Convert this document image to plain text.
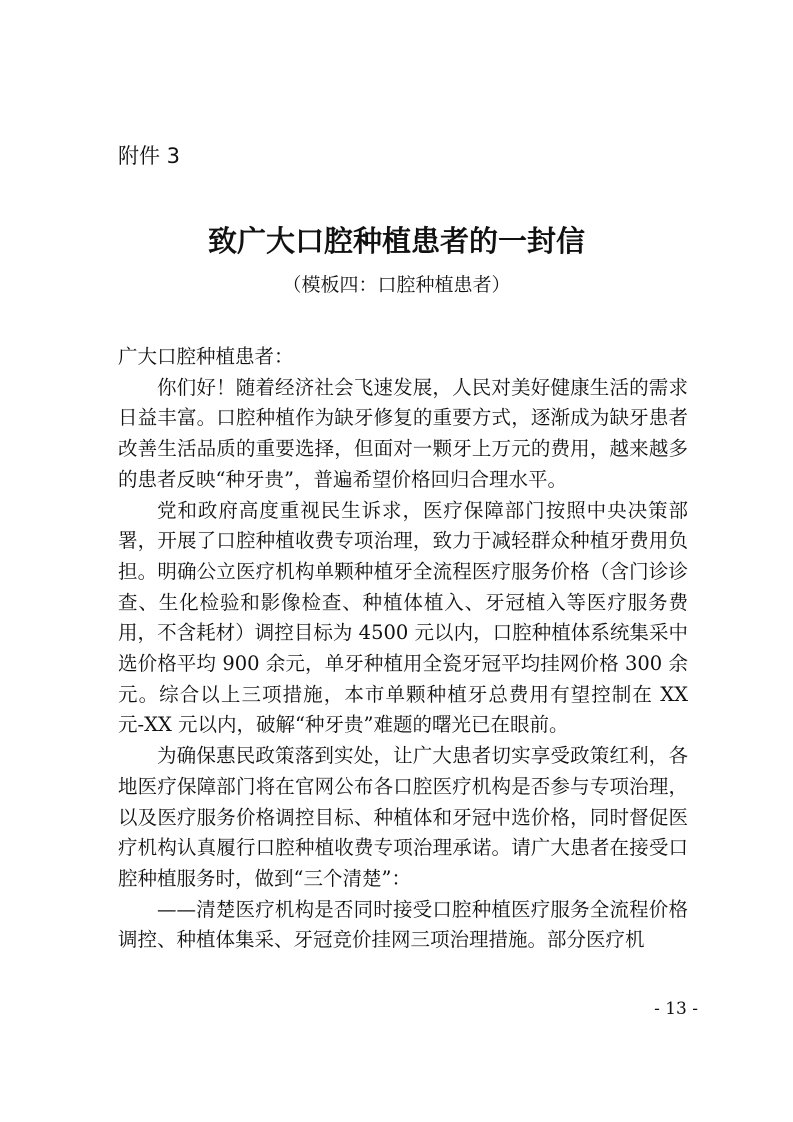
附件 3

致广大口腔种植患者的一封信

（模板四：口腔种植患者）

广大口腔种植患者：

你们好！随着经济社会飞速发展，人民对美好健康生活的需求日益丰富。口腔种植作为缺牙修复的重要方式，逐渐成为缺牙患者改善生活品质的重要选择，但面对一颗牙上万元的费用，越来越多的患者反映“种牙贵”，普遍希望价格回归合理水平。

党和政府高度重视民生诉求，医疗保障部门按照中央决策部署，开展了口腔种植收费专项治理，致力于减轻群众种植牙费用负担。明确公立医疗机构单颗种植牙全流程医疗服务价格（含门诊诊查、生化检验和影像检查、种植体植入、牙冠植入等医疗服务费用，不含耗材）调控目标为 4500 元以内，口腔种植体系统集采中选价格平均 900 余元，单牙种植用全瓷牙冠平均挂网价格 300 余元。综合以上三项措施，本市单颗种植牙总费用有望控制在 XX 元-XX 元以内，破解“种牙贵”难题的曙光已在眼前。

为确保惠民政策落到实处，让广大患者切实享受政策红利，各地医疗保障部门将在官网公布各口腔医疗机构是否参与专项治理，以及医疗服务价格调控目标、种植体和牙冠中选价格，同时督促医疗机构认真履行口腔种植收费专项治理承诺。请广大患者在接受口腔种植服务时，做到“三个清楚”：

——清楚医疗机构是否同时接受口腔种植医疗服务全流程价格调控、种植体集采、牙冠竞价挂网三项治理措施。部分医疗机

- 13 -
